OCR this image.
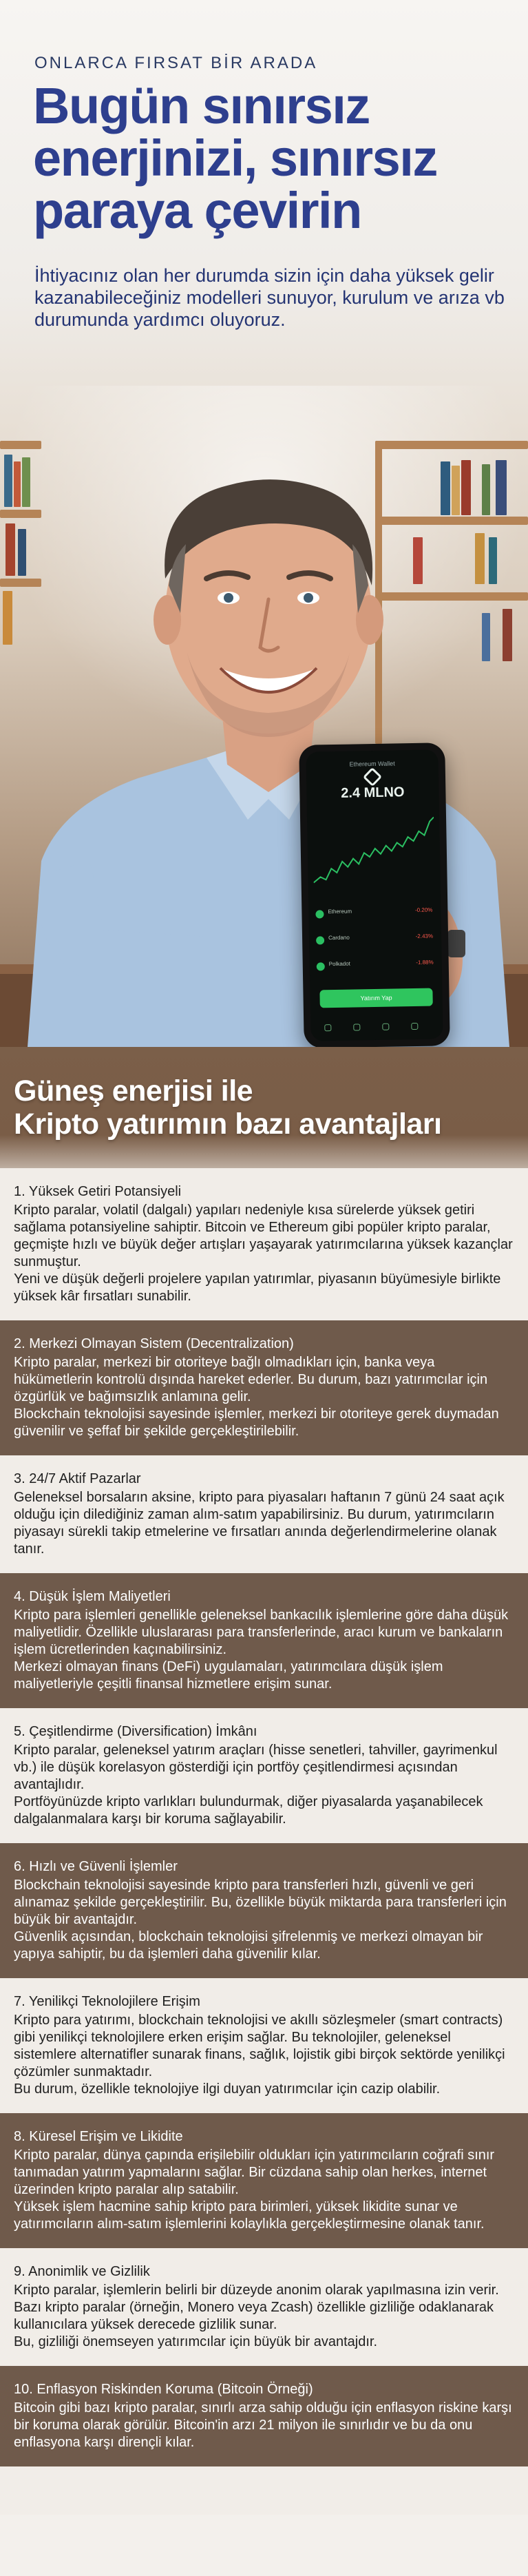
Ethereum Wallet
2.4 MLNO
Ethereum	-0.20%
Cardano	-2.43%
Polkadot	-1.88%
Yatırım Yap
ONLARCA FIRSAT BİR ARADA
Bugün sınırsız
enerjinizi, sınırsız
paraya çevirin

İhtiyacınız olan her durumda sizin için daha yüksek gelir kazanabileceğiniz modelleri sunuyor, kurulum ve arıza vb durumunda yardımcı oluyoruz.

Güneş enerjisi ile
Kripto yatırımın bazı avantajları
1. Yüksek Getiri Potansiyeli

Kripto paralar, volatil (dalgalı) yapıları nedeniyle kısa sürelerde yüksek getiri sağlama potansiyeline sahiptir. Bitcoin ve Ethereum gibi popüler kripto paralar, geçmişte hızlı ve büyük değer artışları yaşayarak yatırımcılarına yüksek kazançlar sunmuştur.

Yeni ve düşük değerli projelere yapılan yatırımlar, piyasanın büyümesiyle birlikte yüksek kâr fırsatları sunabilir.

2. Merkezi Olmayan Sistem (Decentralization)

Kripto paralar, merkezi bir otoriteye bağlı olmadıkları için, banka veya hükümetlerin kontrolü dışında hareket ederler. Bu durum, bazı yatırımcılar için özgürlük ve bağımsızlık anlamına gelir.

Blockchain teknolojisi sayesinde işlemler, merkezi bir otoriteye gerek duymadan güvenilir ve şeffaf bir şekilde gerçekleştirilebilir.

3. 24/7 Aktif Pazarlar

Geleneksel borsaların aksine, kripto para piyasaları haftanın 7 günü 24 saat açık olduğu için dilediğiniz zaman alım-satım yapabilirsiniz. Bu durum, yatırımcıların piyasayı sürekli takip etmelerine ve fırsatları anında değerlendirmelerine olanak tanır.

4. Düşük İşlem Maliyetleri

Kripto para işlemleri genellikle geleneksel bankacılık işlemlerine göre daha düşük maliyetlidir. Özellikle uluslararası para transferlerinde, aracı kurum ve bankaların işlem ücretlerinden kaçınabilirsiniz.

Merkezi olmayan finans (DeFi) uygulamaları, yatırımcılara düşük işlem maliyetleriyle çeşitli finansal hizmetlere erişim sunar.

5. Çeşitlendirme (Diversification) İmkânı

Kripto paralar, geleneksel yatırım araçları (hisse senetleri, tahviller, gayrimenkul vb.) ile düşük korelasyon gösterdiği için portföy çeşitlendirmesi açısından avantajlıdır.

Portföyünüzde kripto varlıkları bulundurmak, diğer piyasalarda yaşanabilecek dalgalanmalara karşı bir koruma sağlayabilir.

6. Hızlı ve Güvenli İşlemler

Blockchain teknolojisi sayesinde kripto para transferleri hızlı, güvenli ve geri alınamaz şekilde gerçekleştirilir. Bu, özellikle büyük miktarda para transferleri için büyük bir avantajdır.

Güvenlik açısından, blockchain teknolojisi şifrelenmiş ve merkezi olmayan bir yapıya sahiptir, bu da işlemleri daha güvenilir kılar.

7. Yenilikçi Teknolojilere Erişim

Kripto para yatırımı, blockchain teknolojisi ve akıllı sözleşmeler (smart contracts) gibi yenilikçi teknolojilere erken erişim sağlar. Bu teknolojiler, geleneksel sistemlere alternatifler sunarak finans, sağlık, lojistik gibi birçok sektörde yenilikçi çözümler sunmaktadır.

Bu durum, özellikle teknolojiye ilgi duyan yatırımcılar için cazip olabilir.

8. Küresel Erişim ve Likidite

Kripto paralar, dünya çapında erişilebilir oldukları için yatırımcıların coğrafi sınır tanımadan yatırım yapmalarını sağlar. Bir cüzdana sahip olan herkes, internet üzerinden kripto paralar alıp satabilir.

Yüksek işlem hacmine sahip kripto para birimleri, yüksek likidite sunar ve yatırımcıların alım-satım işlemlerini kolaylıkla gerçekleştirmesine olanak tanır.

9. Anonimlik ve Gizlilik

Kripto paralar, işlemlerin belirli bir düzeyde anonim olarak yapılmasına izin verir. Bazı kripto paralar (örneğin, Monero veya Zcash) özellikle gizliliğe odaklanarak kullanıcılara yüksek derecede gizlilik sunar.

Bu, gizliliği önemseyen yatırımcılar için büyük bir avantajdır.

10. Enflasyon Riskinden Koruma (Bitcoin Örneği)

Bitcoin gibi bazı kripto paralar, sınırlı arza sahip olduğu için enflasyon riskine karşı bir koruma olarak görülür. Bitcoin'in arzı 21 milyon ile sınırlıdır ve bu da onu enflasyona karşı dirençli kılar.
